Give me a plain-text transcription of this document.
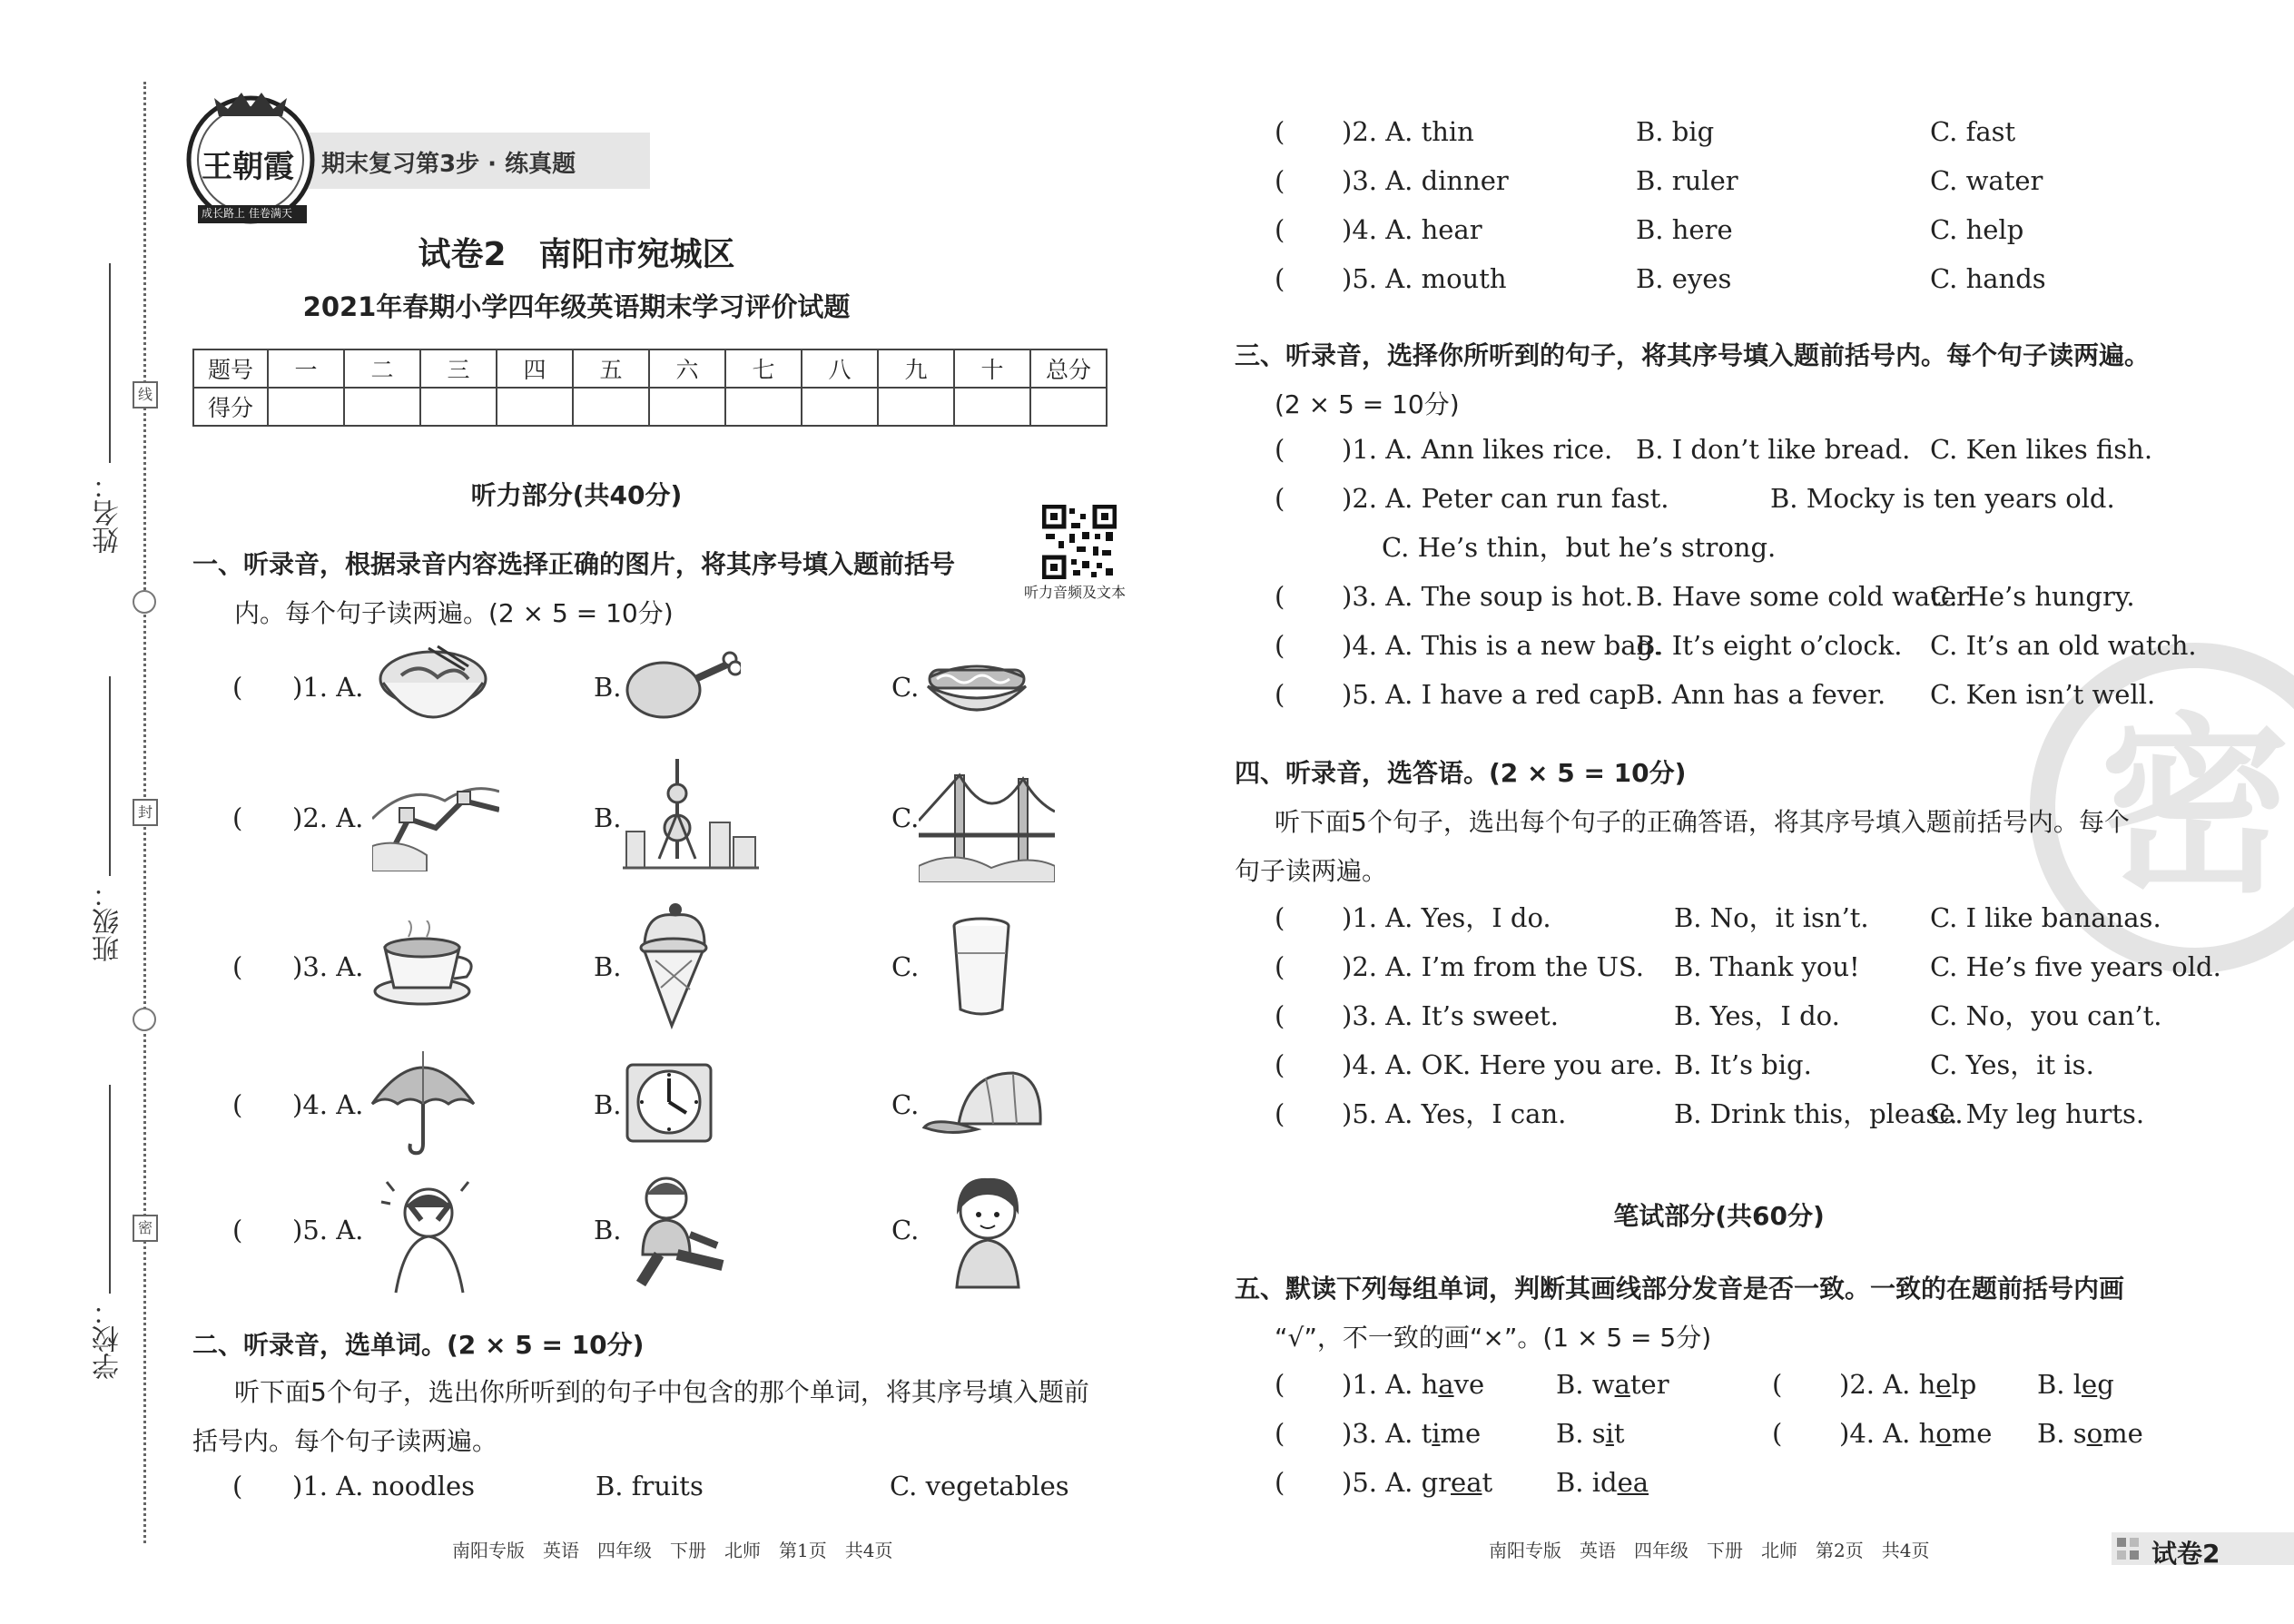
姓名：
班级：
学校：
线
封
密
王朝霞
成长路上 佳卷满天
期末复习第3步 · 练真题
试卷2　南阳市宛城区
2021年春期小学四年级英语期末学习评价试题
题号	一	二	三	四	五	六	七	八	九	十	总分
得分											
听力部分(共40分)
听力音频及文本
一、听录音，根据录音内容选择正确的图片，将其序号填入题前括号
内。每个句子读两遍。(2 × 5 = 10分)
( )1. A.	B.	C.
( )2. A.	B.	C.
( )3. A.	B.	C.
( )4. A.	B.	C.
( )5. A.	B.	C.
二、听录音，选单词。(2 × 5 = 10分)
听下面5个句子，选出你所听到的句子中包含的那个单词，将其序号填入题前
括号内。每个句子读两遍。
( )1. A. noodles	B. fruits	C. vegetables
南阳专版　英语　四年级　下册　北师　第1页　共4页
密
( )2. A. thin	B. big	C. fast
( )3. A. dinner	B. ruler	C. water
( )4. A. hear	B. here	C. help
( )5. A. mouth	B. eyes	C. hands
三、听录音，选择你所听到的句子，将其序号填入题前括号内。每个句子读两遍。
(2 × 5 = 10分)
( )1. A. Ann likes rice. B. I don’t like bread. C. Ken likes fish.
( )2. A. Peter can run fast.	B. Mocky is ten years old.
C. He’s thin，but he’s strong.
( )3. A. The soup is hot. B. Have some cold water.
C. He’s hungry.
( )4. A. This is a new bag.
B. It’s eight o’clock. C. It’s an old watch.
( )5. A. I have a red cap.
B. Ann has a fever. C. Ken isn’t well.
四、听录音，选答语。(2 × 5 = 10分)
听下面5个句子，选出每个句子的正确答语，将其序号填入题前括号内。每个
句子读两遍。
( )1. A. Yes，I do.	B. No，it isn’t. C. I like bananas.
( )2. A. I’m from the US. B. Thank you!	C. He’s five years old.
( )3. A. It’s sweet.	B. Yes，I do.	C. No，you can’t.
( )4. A. OK. Here you are. B. It’s big.	C. Yes，it is.
( )5. A. Yes，I can.	B. Drink this，please.
C. My leg hurts.
笔试部分(共60分)
五、默读下列每组单词，判断其画线部分发音是否一致。一致的在题前括号内画
“√”，不一致的画“×”。(1 × 5 = 5分)
( )1. A. have	B. water	( )2. A. help B. leg
( )3. A. time	B. sit	( )4. A. home B. some
( )5. A. great B. idea
南阳专版　英语　四年级　下册　北师　第2页　共4页	试卷2
